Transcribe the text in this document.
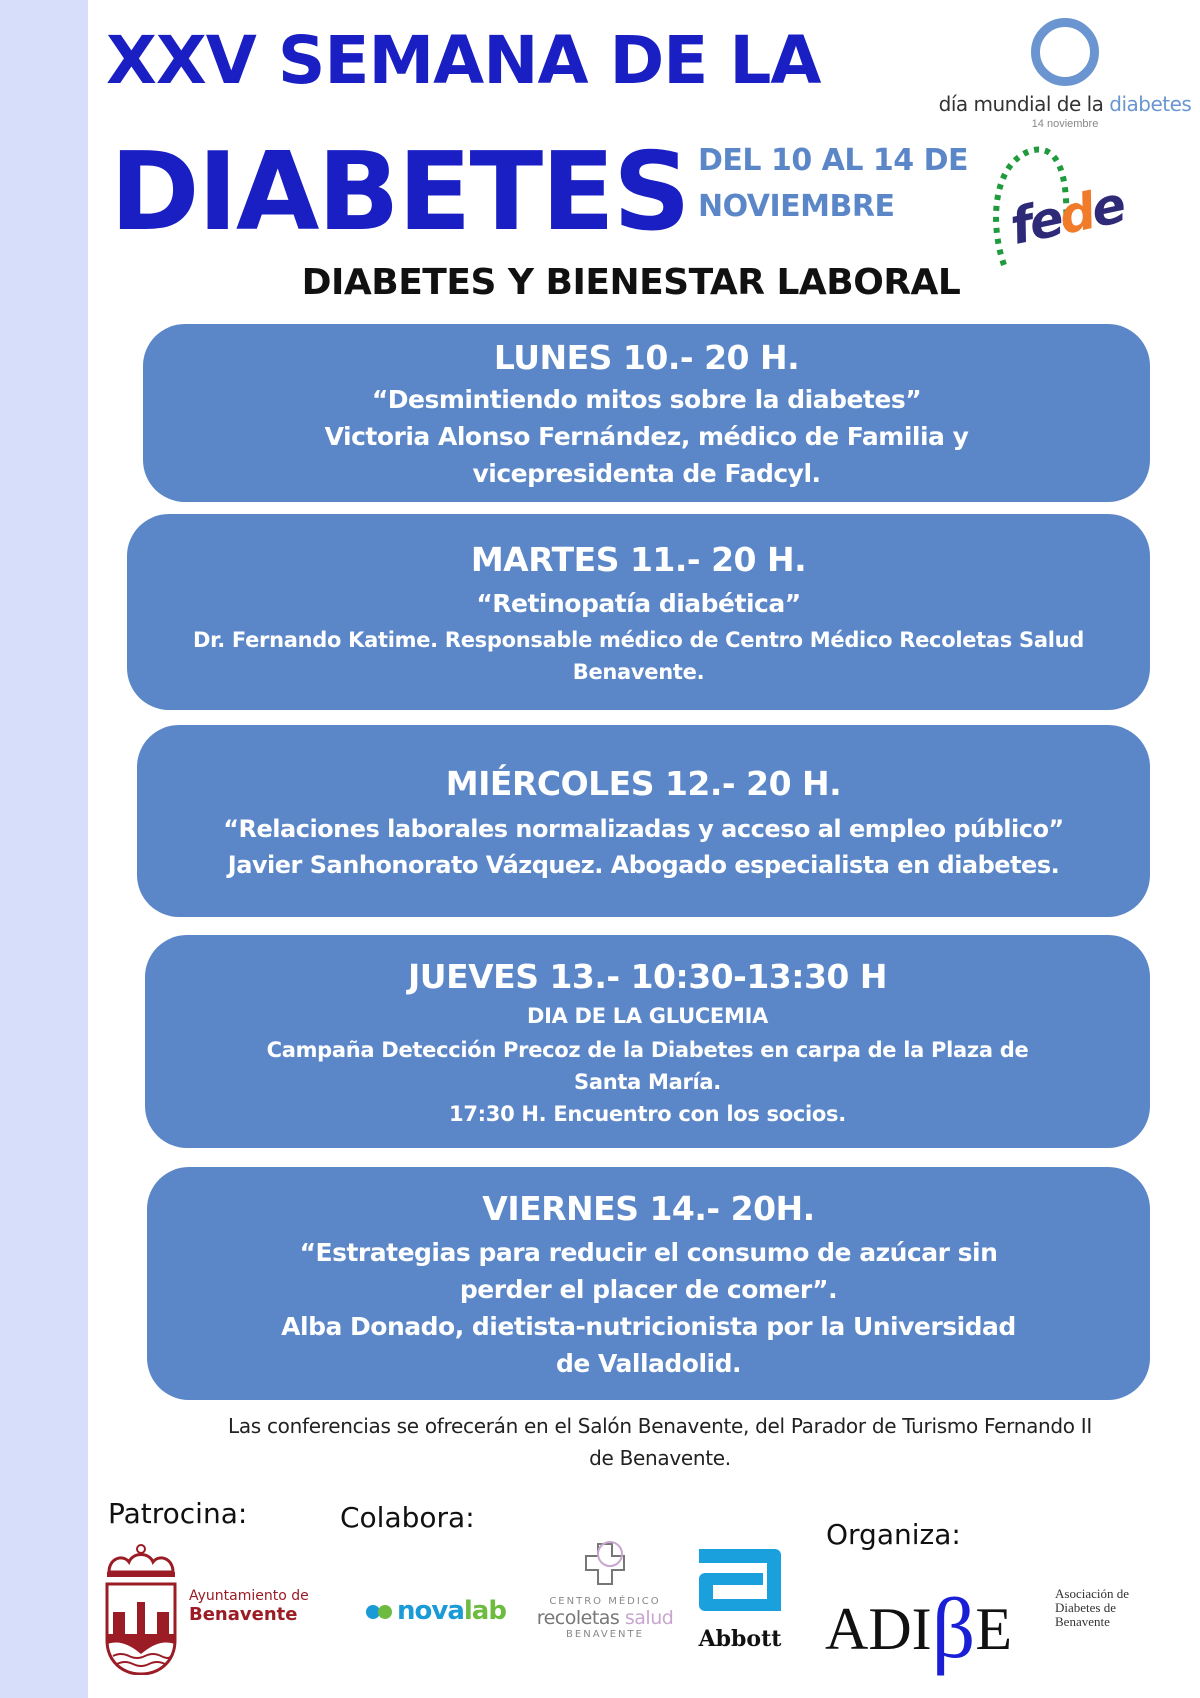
XXV SEMANA DE LA
DIABETES DEL 10 AL 14 DE
NOVIEMBRE
día mundial de la diabetes
14 noviembre
fede
DIABETES Y BIENESTAR LABORAL
LUNES 10.- 20 H.
“Desmintiendo mitos sobre la diabetes”
Victoria Alonso Fernández, médico de Familia y
vicepresidenta de Fadcyl.
MARTES 11.- 20 H.
“Retinopatía diabética”
Dr. Fernando Katime. Responsable médico de Centro Médico Recoletas Salud
Benavente.
MIÉRCOLES 12.- 20 H.
“Relaciones laborales normalizadas y acceso al empleo público”
Javier Sanhonorato Vázquez. Abogado especialista en diabetes.
JUEVES 13.- 10:30-13:30 H
DIA DE LA GLUCEMIA
Campaña Detección Precoz de la Diabetes en carpa de la Plaza de
Santa María.
17:30 H. Encuentro con los socios.
VIERNES 14.- 20H.
“Estrategias para reducir el consumo de azúcar sin
perder el placer de comer”.
Alba Donado, dietista-nutricionista por la Universidad
de Valladolid.
Las conferencias se ofrecerán en el Salón Benavente, del Parador de Turismo Fernando II
de Benavente.
Patrocina:	Colabora:
Organiza:
Ayuntamiento de
Benavente	novalab	CENTRO MÉDICO
recoletas salud
BENAVENTE	Abbott ADIβE
Asociación de
Diabetes de
Benavente
